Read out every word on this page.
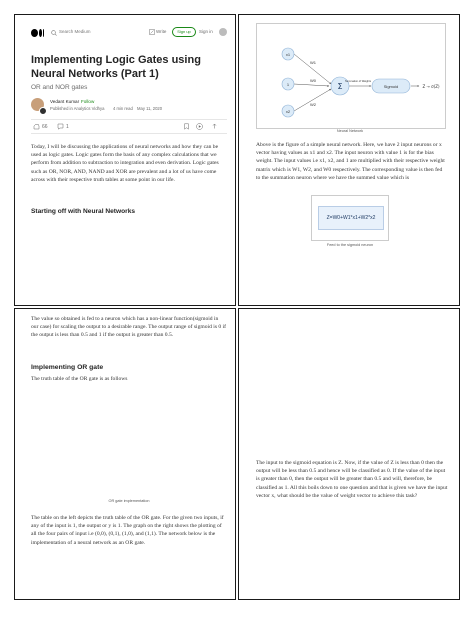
Search Medium	Write	Sign up	Sign in
Implementing Logic Gates using Neural Networks (Part 1)
OR and NOR gates
Vedant Kumar Follow
Published in Analytics Vidhya 4 min read May 11, 2020
66	1
Today, I will be discussing the applications of neural networks and how they can be used as logic gates. Logic gates form the basis of any complex calculations that we perform from addition to subtraction to integration and even derivation. Logic gates such as OR, NOR, AND, NAND and XOR are prevalent and a lot of us have come across with their respective truth tables at some point in our life.
Starting off with Neural Networks
x1
1
x2
W1
W0
W2
Σ
Summation of Weights
Sigmoid	Z → σ(Z)
Neural Network
Above is the figure of a simple neural network. Here, we have 2 input neurons or x vector having values as x1 and x2. The input neuron with value 1 is for the bias weight. The input values i.e x1, x2, and 1 are multiplied with their respective weight matrix which is W1, W2, and W0 respectively. The corresponding value is then fed to the summation neuron where we have the summed value which is
Z=W0+W1*x1+W2*x2
Feed to the sigmoid neuron
The value so obtained is fed to a neuron which has a non-linear function(sigmoid in our case) for scaling the output to a desirable range. The output range of sigmoid is 0 if the output is less than 0.5 and 1 if the output is greater than 0.5.
Implementing OR gate
The truth table of the OR gate is as follows
OR gate implementation
The table on the left depicts the truth table of the OR gate. For the given two inputs, if any of the input is 1, the output or y is 1. The graph on the right shows the plotting of all the four pairs of input i.e (0,0), (0,1), (1,0), and (1,1). The network below is the implementation of a neural network as an OR gate.
The input to the sigmoid equation is Z. Now, if the value of Z is less than 0 then the output will be less than 0.5 and hence will be classified as 0. If the value of the input is greater than 0, then the output will be greater than 0.5 and will, therefore, be classified as 1. All this boils down to one question and that is given we have the input vector x, what should be the value of weight vector to achieve this task?
